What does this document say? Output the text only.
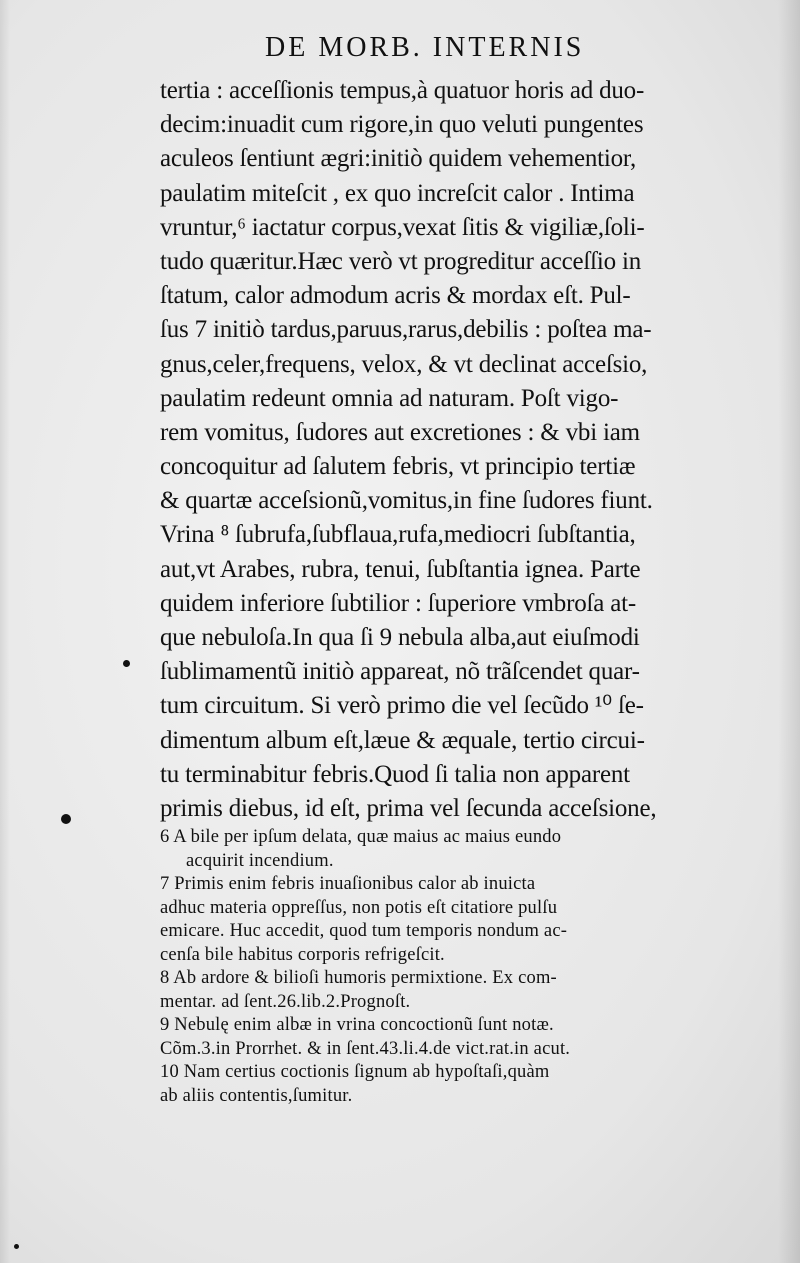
DE MORB. INTERNIS
tertia : acceſſionis tempus,à quatuor horis ad duo-
decim:inuadit cum rigore,in quo veluti pungentes
aculeos ſentiunt ægri:initiò quidem vehementior,
paulatim miteſcit , ex quo increſcit calor . Intima
vruntur,⁶ iactatur corpus,vexat ſitis & vigiliæ,ſoli-
tudo quæritur.Hæc verò vt progreditur acceſſio in
ſtatum, calor admodum acris & mordax eſt. Pul-
ſus 7 initiò tardus,paruus,rarus,debilis : poſtea ma-
gnus,celer,frequens, velox, & vt declinat acceſsio,
paulatim redeunt omnia ad naturam. Poſt vigo-
rem vomitus, ſudores aut excretiones : & vbi iam
concoquitur ad ſalutem febris, vt principio tertiæ
& quartæ acceſsionũ,vomitus,in fine ſudores fiunt.
Vrina ⁸ ſubrufa,ſubflaua,rufa,mediocri ſubſtantia,
aut,vt Arabes, rubra, tenui, ſubſtantia ignea. Parte
quidem inferiore ſubtilior : ſuperiore vmbroſa at-
que nebuloſa.In qua ſi 9 nebula alba,aut eiuſmodi
ſublimamentũ initiò appareat, nõ trãſcendet quar-
tum circuitum. Si verò primo die vel ſecũdo ¹⁰ ſe-
dimentum album eſt,læue & æquale, tertio circui-
tu terminabitur febris.Quod ſi talia non apparent
primis diebus, id eſt, prima vel ſecunda acceſsione,
6 A bile per ipſum delata, quæ maius ac maius eundo
acquirit incendium.
7 Primis enim febris inuaſionibus calor ab inuicta
adhuc materia oppreſſus, non potis eſt citatiore pulſu
emicare. Huc accedit, quod tum temporis nondum ac-
cenſa bile habitus corporis refrigeſcit.
8 Ab ardore & bilioſi humoris permixtione. Ex com-
mentar. ad ſent.26.lib.2.Prognoſt.
9 Nebulę enim albæ in vrina concoctionũ ſunt notæ.
Cõm.3.in Prorrhet. & in ſent.43.li.4.de vict.rat.in acut.
10 Nam certius coctionis ſignum ab hypoſtaſi,quàm
ab aliis contentis,ſumitur.
